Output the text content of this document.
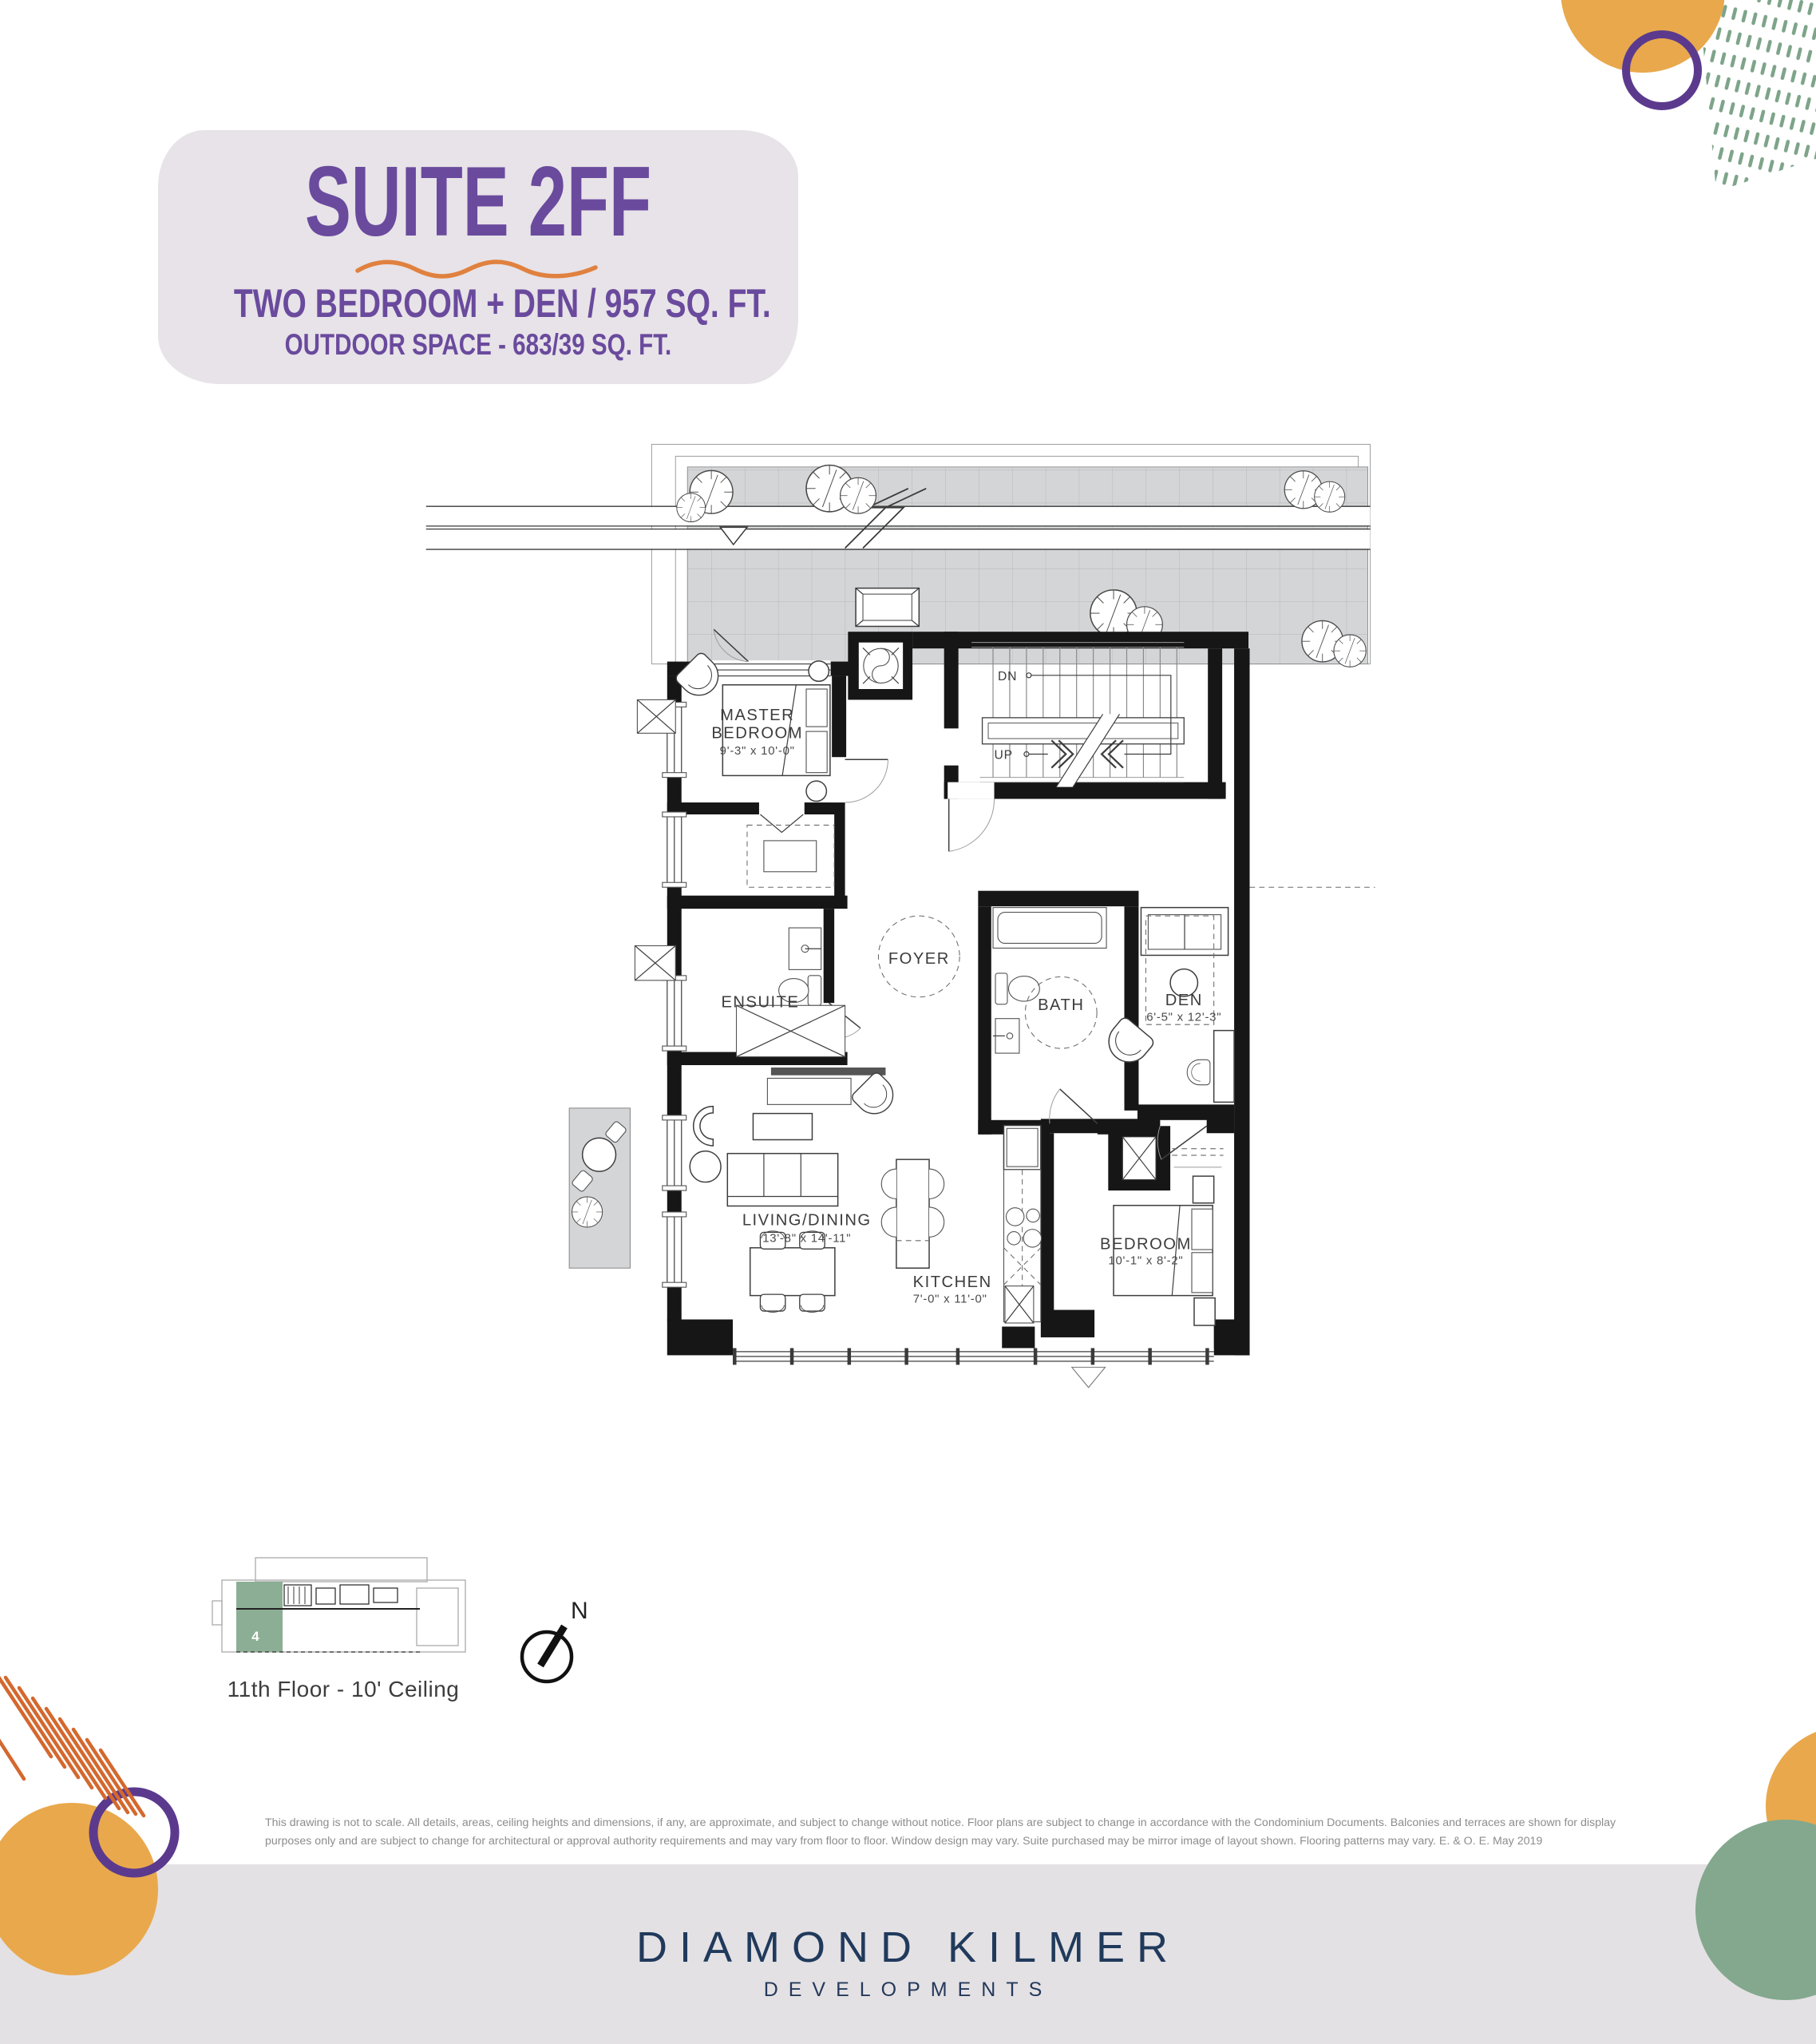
SUITE 2FF
TWO BEDROOM + DEN / 957 SQ. FT.
OUTDOOR SPACE - 683/39 SQ. FT.
DN
UP
MASTER
BEDROOM
9'-3" x 10'-0"
ENSUITE
FOYER
BATH	DEN
6'-5" x 12'-3"
LIVING/DINING
13'-8" x 14'-11"
KITCHEN
7'-0" x 11'-0"
BEDROOM
10'-1" x 8'-2"
4
11th Floor - 10' Ceiling
N
This drawing is not to scale. All details, areas, ceiling heights and dimensions, if any, are approximate, and subject to change without notice. Floor plans are subject to change in accordance with the Condominium Documents. Balconies and terraces are shown for display purposes only and are subject to change for architectural or approval authority requirements and may vary from floor to floor. Window design may vary. Suite purchased may be mirror image of layout shown. Flooring patterns may vary. E. & O. E. May 2019
DIAMOND KILMER
DEVELOPMENTS
